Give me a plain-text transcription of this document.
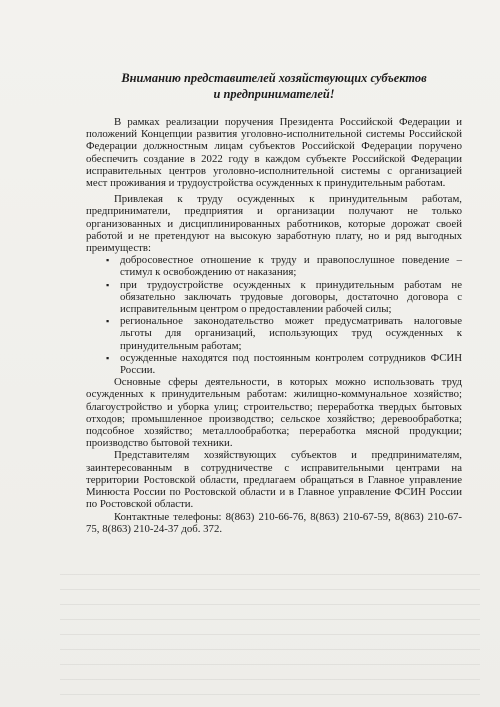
Вниманию представителей хозяйствующих субъектов
и предпринимателей!

В рамках реализации поручения Президента Российской Федерации и положений Концепции развития уголовно-исполнительной системы Российской Федерации должностным лицам субъектов Российской Федерации поручено обеспечить создание в 2022 году в каждом субъекте Российской Федерации исправительных центров уголовно-исполнительной системы с организацией мест проживания и трудоустройства осужденных к принудительным работам.

Привлекая к труду осужденных к принудительным работам, предприниматели, предприятия и организации получают не только организованных и дисциплинированных работников, которые дорожат своей работой и не претендуют на высокую заработную плату, но и ряд выгодных преимуществ:

▪ добросовестное отношение к труду и правопослушное поведение – стимул к освобождению от наказания;
▪ при трудоустройстве осужденных к принудительным работам не обязательно заключать трудовые договоры, достаточно договора с исправительным центром о предоставлении рабочей силы;
▪ региональное законодательство может предусматривать налоговые льготы для организаций, использующих труд осужденных к принудительным работам;
▪ осужденные находятся под постоянным контролем сотрудников ФСИН России.

Основные сферы деятельности, в которых можно использовать труд осужденных к принудительным работам: жилищно-коммунальное хозяйство; благоустройство и уборка улиц; строительство; переработка твердых бытовых отходов; промышленное производство; сельское хозяйство; деревообработка; подсобное хозяйство; металлообработка; переработка мясной продукции; производство бытовой техники.

Представителям хозяйствующих субъектов и предпринимателям, заинтересованным в сотрудничестве с исправительными центрами на территории Ростовской области, предлагаем обращаться в Главное управление Минюста России по Ростовской области и в Главное управление ФСИН России по Ростовской области.

Контактные телефоны: 8(863) 210-66-76, 8(863) 210-67-59, 8(863) 210-67-75, 8(863) 210-24-37 доб. 372.
